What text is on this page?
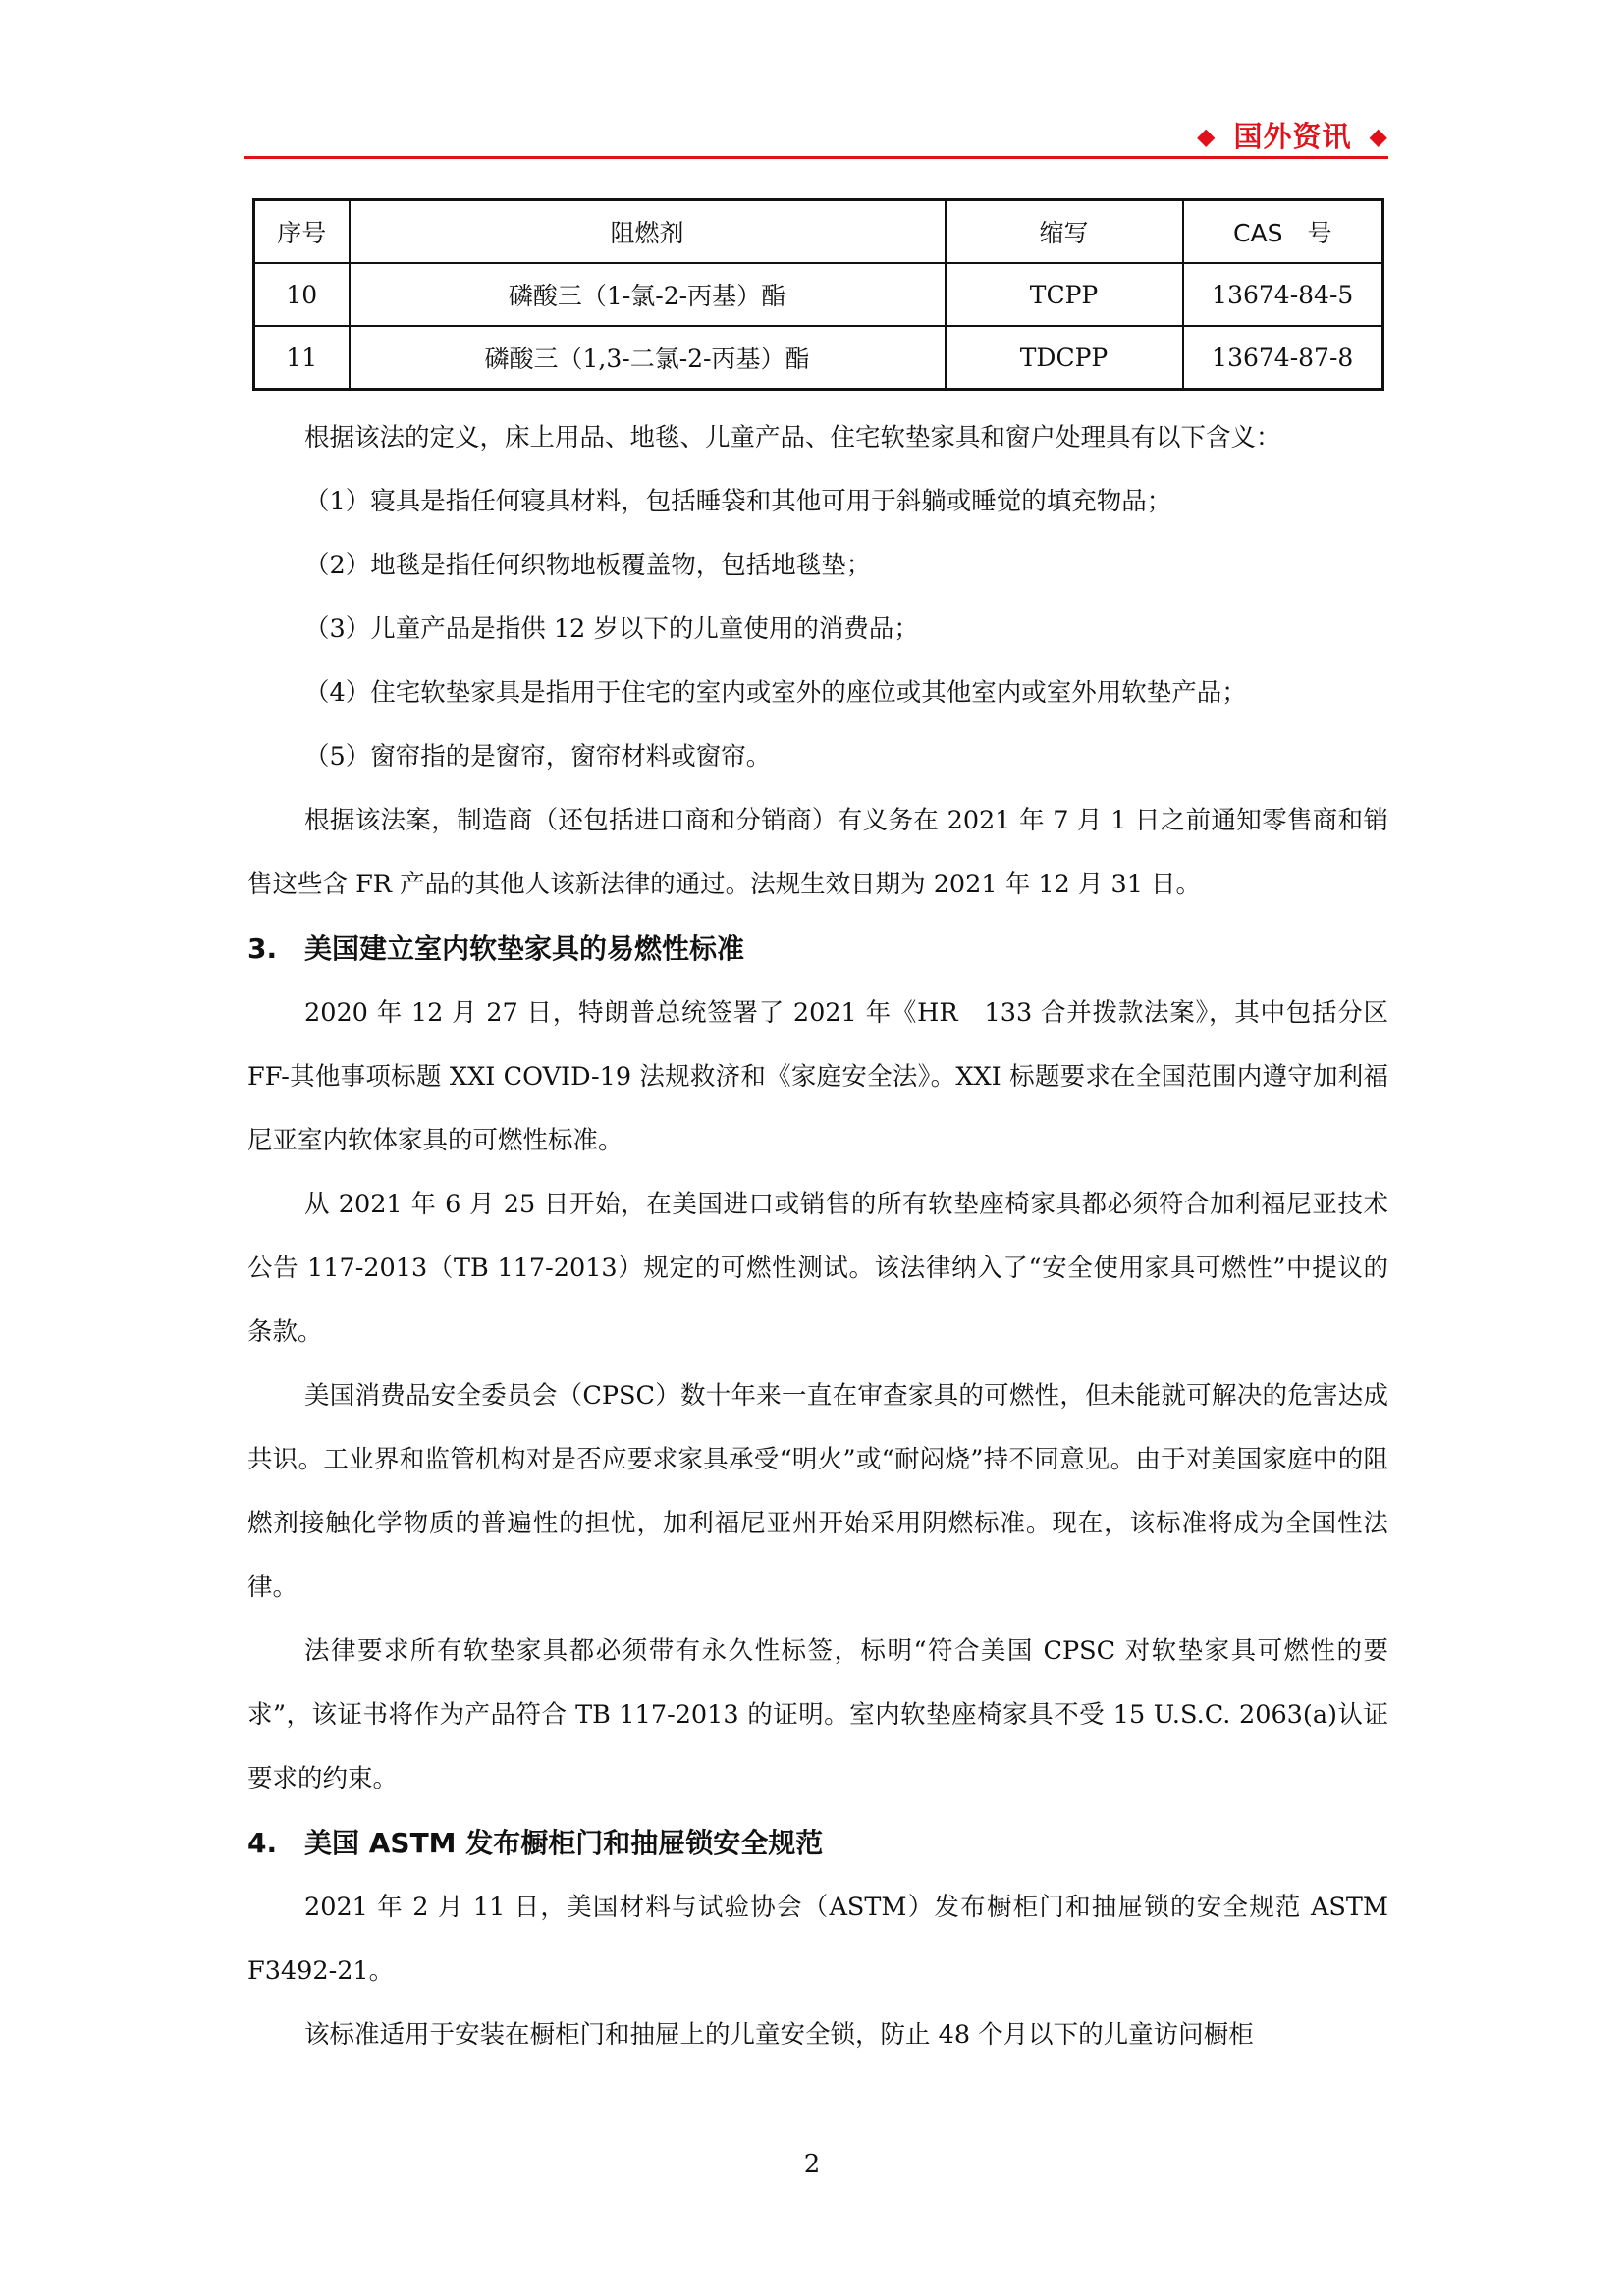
◆ 国外资讯 ◆
序号	阻燃剂	缩写	CAS　号
10	磷酸三（1-氯-2-丙基）酯	TCPP	13674-84-5
11	磷酸三（1,3-二氯-2-丙基）酯	TDCPP	13674-87-8

根据该法的定义，床上用品、地毯、儿童产品、住宅软垫家具和窗户处理具有以下含义：

（1）寝具是指任何寝具材料，包括睡袋和其他可用于斜躺或睡觉的填充物品；

（2）地毯是指任何织物地板覆盖物，包括地毯垫；

（3）儿童产品是指供 12 岁以下的儿童使用的消费品；

（4）住宅软垫家具是指用于住宅的室内或室外的座位或其他室内或室外用软垫产品；

（5）窗帘指的是窗帘，窗帘材料或窗帘。

根据该法案，制造商（还包括进口商和分销商）有义务在 2021 年 7 月 1 日之前通知零售商和销售这些含 FR 产品的其他人该新法律的通过。法规生效日期为 2021 年 12 月 31 日。

3. 美国建立室内软垫家具的易燃性标准

2020 年 12 月 27 日，特朗普总统签署了 2021 年《HR　133 合并拨款法案》，其中包括分区 FF-其他事项标题 XXI COVID-19 法规救济和《家庭安全法》。XXI 标题要求在全国范围内遵守加利福尼亚室内软体家具的可燃性标准。

从 2021 年 6 月 25 日开始，在美国进口或销售的所有软垫座椅家具都必须符合加利福尼亚技术公告 117-2013（TB 117-2013）规定的可燃性测试。该法律纳入了“安全使用家具可燃性”中提议的条款。

美国消费品安全委员会（CPSC）数十年来一直在审查家具的可燃性，但未能就可解决的危害达成共识。工业界和监管机构对是否应要求家具承受“明火”或“耐闷烧”持不同意见。由于对美国家庭中的阻燃剂接触化学物质的普遍性的担忧，加利福尼亚州开始采用阴燃标准。现在，该标准将成为全国性法律。

法律要求所有软垫家具都必须带有永久性标签，标明“符合美国 CPSC 对软垫家具可燃性的要求”，该证书将作为产品符合 TB 117-2013 的证明。室内软垫座椅家具不受 15 U.S.C. 2063(a)认证要求的约束。

4. 美国 ASTM 发布橱柜门和抽屉锁安全规范

2021 年 2 月 11 日，美国材料与试验协会（ASTM）发布橱柜门和抽屉锁的安全规范 ASTM　F3492-21。

该标准适用于安装在橱柜门和抽屉上的儿童安全锁，防止 48 个月以下的儿童访问橱柜

2
